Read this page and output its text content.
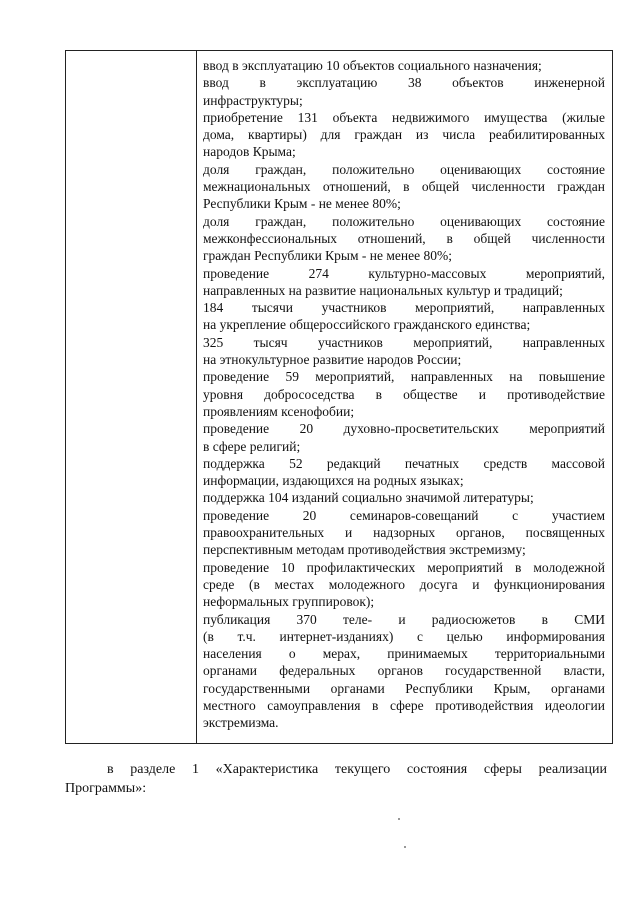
ввод в эксплуатацию 10 объектов социального назначения;
ввод в эксплуатацию 38 объектов инженерной
инфраструктуры;
приобретение 131 объекта недвижимого имущества (жилые
дома, квартиры) для граждан из числа реабилитированных
народов Крыма;
доля граждан, положительно оценивающих состояние
межнациональных отношений, в общей численности граждан
Республики Крым - не менее 80%;
доля граждан, положительно оценивающих состояние
межконфессиональных отношений, в общей численности
граждан Республики Крым - не менее 80%;
проведение 274 культурно-массовых мероприятий,
направленных на развитие национальных культур и традиций;
184 тысячи участников мероприятий, направленных
на укрепление общероссийского гражданского единства;
325 тысяч участников мероприятий, направленных
на этнокультурное развитие народов России;
проведение 59 мероприятий, направленных на повышение
уровня добрососедства в обществе и противодействие
проявлениям ксенофобии;
проведение 20 духовно-просветительских мероприятий
в сфере религий;
поддержка 52 редакций печатных средств массовой
информации, издающихся на родных языках;
поддержка 104 изданий социально значимой литературы;
проведение 20 семинаров-совещаний с участием
правоохранительных и надзорных органов, посвященных
перспективным методам противодействия экстремизму;
проведение 10 профилактических мероприятий в молодежной
среде (в местах молодежного досуга и функционирования
неформальных группировок);
публикация 370 теле- и радиосюжетов в СМИ
(в т.ч. интернет-изданиях) с целью информирования
населения о мерах, принимаемых территориальными
органами федеральных органов государственной власти,
государственными органами Республики Крым, органами
местного самоуправления в сфере противодействия идеологии
экстремизма.
в разделе 1 «Характеристика текущего состояния сферы реализации
Программы»:
